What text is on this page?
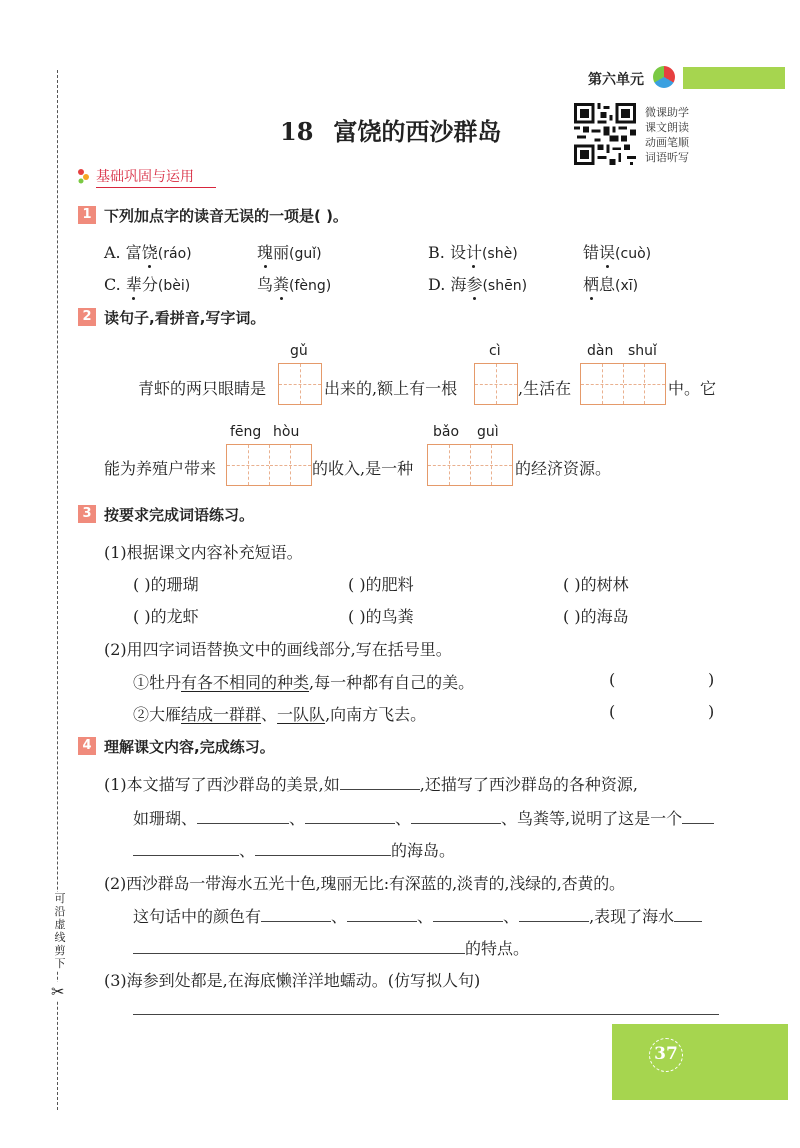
可沿虚线剪下
✂
第六单元
18 富饶的西沙群岛
微课助学
课文朗读
动画笔顺
词语听写
基础巩固与运用
1 下列加点字的读音无误的一项是( )。
A. 富饶(ráo)	瑰丽(guǐ)	B. 设计(shè)	错误(cuò)
C. 辈分(bèi)	鸟粪(fèng)	D. 海参(shēn)	栖息(xī)
2 读句子,看拼音,写字词。
gǔ	cì	dàn shuǐ
青虾的两只眼睛是	出来的,额上有一根	,生活在	中。它
fēng hòu	bǎo guì
能为养殖户带来	的收入,是一种	的经济资源。
3 按要求完成词语练习。
(1)根据课文内容补充短语。
( )的珊瑚	( )的肥料	( )的树林
( )的龙虾	( )的鸟粪	( )的海岛
(2)用四字词语替换文中的画线部分,写在括号里。
①牡丹有各不相同的种类,每一种都有自己的美。	(	)
②大雁结成一群群、一队队,向南方飞去。	(	)
4 理解课文内容,完成练习。
(1)本文描写了西沙群岛的美景,如	,还描写了西沙群岛的各种资源,
如珊瑚、	、	、	、鸟粪等,说明了这是一个
、	的海岛。
(2)西沙群岛一带海水五光十色,瑰丽无比:有深蓝的,淡青的,浅绿的,杏黄的。
这句话中的颜色有	、	、	、	,表现了海水
的特点。
(3)海参到处都是,在海底懒洋洋地蠕动。(仿写拟人句)
37
